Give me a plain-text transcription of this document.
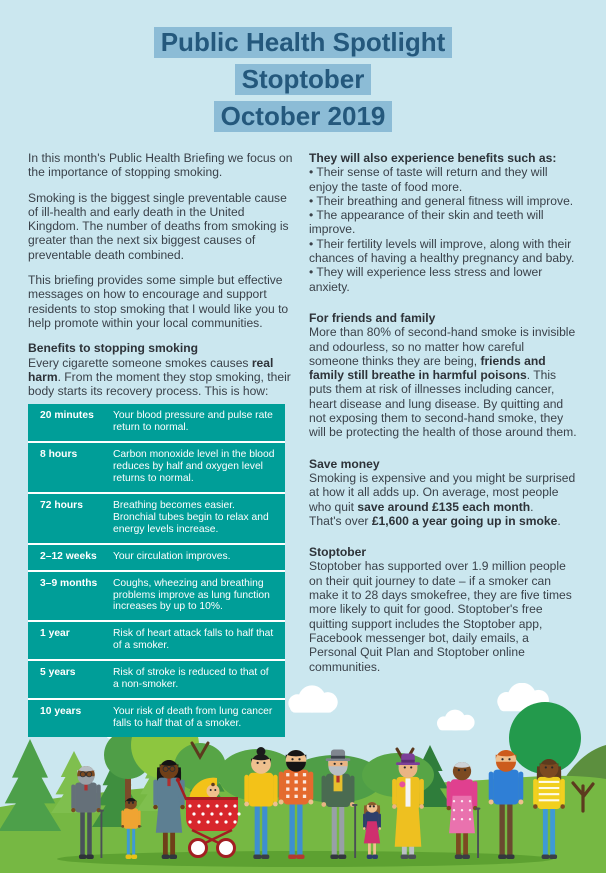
Public Health Spotlight
Stoptober
October 2019

In this month's Public Health Briefing we focus on the importance of stopping smoking.

Smoking is the biggest single preventable cause of ill-health and early death in the United Kingdom. The number of deaths from smoking is greater than the next six biggest causes of preventable death combined.

This briefing provides some simple but effective messages on how to encourage and support residents to stop smoking that I would like you to help promote within your local communities.

Benefits to stopping smoking

Every cigarette someone smokes causes real harm. From the moment they stop smoking, their body starts its recovery process. This is how:

20 minutes	Your blood pressure and pulse rate return to normal.
8 hours	Carbon monoxide level in the blood reduces by half and oxygen level returns to normal.
72 hours	Breathing becomes easier. Bronchial tubes begin to relax and energy levels increase.
2–12 weeks	Your circulation improves.
3–9 months	Coughs, wheezing and breathing problems improve as lung function increases by up to 10%.
1 year	Risk of heart attack falls to half that of a smoker.
5 years	Risk of stroke is reduced to that of a non-smoker.
10 years	Your risk of death from lung cancer falls to half that of a smoker.
They will also experience benefits such as:
• Their sense of taste will return and they will enjoy the taste of food more.
• Their breathing and general fitness will improve.
• The appearance of their skin and teeth will improve.
• Their fertility levels will improve, along with their chances of having a healthy pregnancy and baby.
• They will experience less stress and lower anxiety.
For friends and family

More than 80% of second-hand smoke is invisible and odourless, so no matter how careful someone thinks they are being, friends and family still breathe in harmful poisons. This puts them at risk of illnesses including cancer, heart disease and lung disease. By quitting and not exposing them to second-hand smoke, they will be protecting the health of those around them.

Save money

Smoking is expensive and you might be surprised at how it all adds up. On average, most people who quit save around £135 each month.

That's over £1,600 a year going up in smoke.

Stoptober

Stoptober has supported over 1.9 million people on their quit journey to date – if a smoker can make it to 28 days smokefree, they are five times more likely to quit for good. Stoptober's free quitting support includes the Stoptober app, Facebook messenger bot, daily emails, a Personal Quit Plan and Stoptober online communities.
